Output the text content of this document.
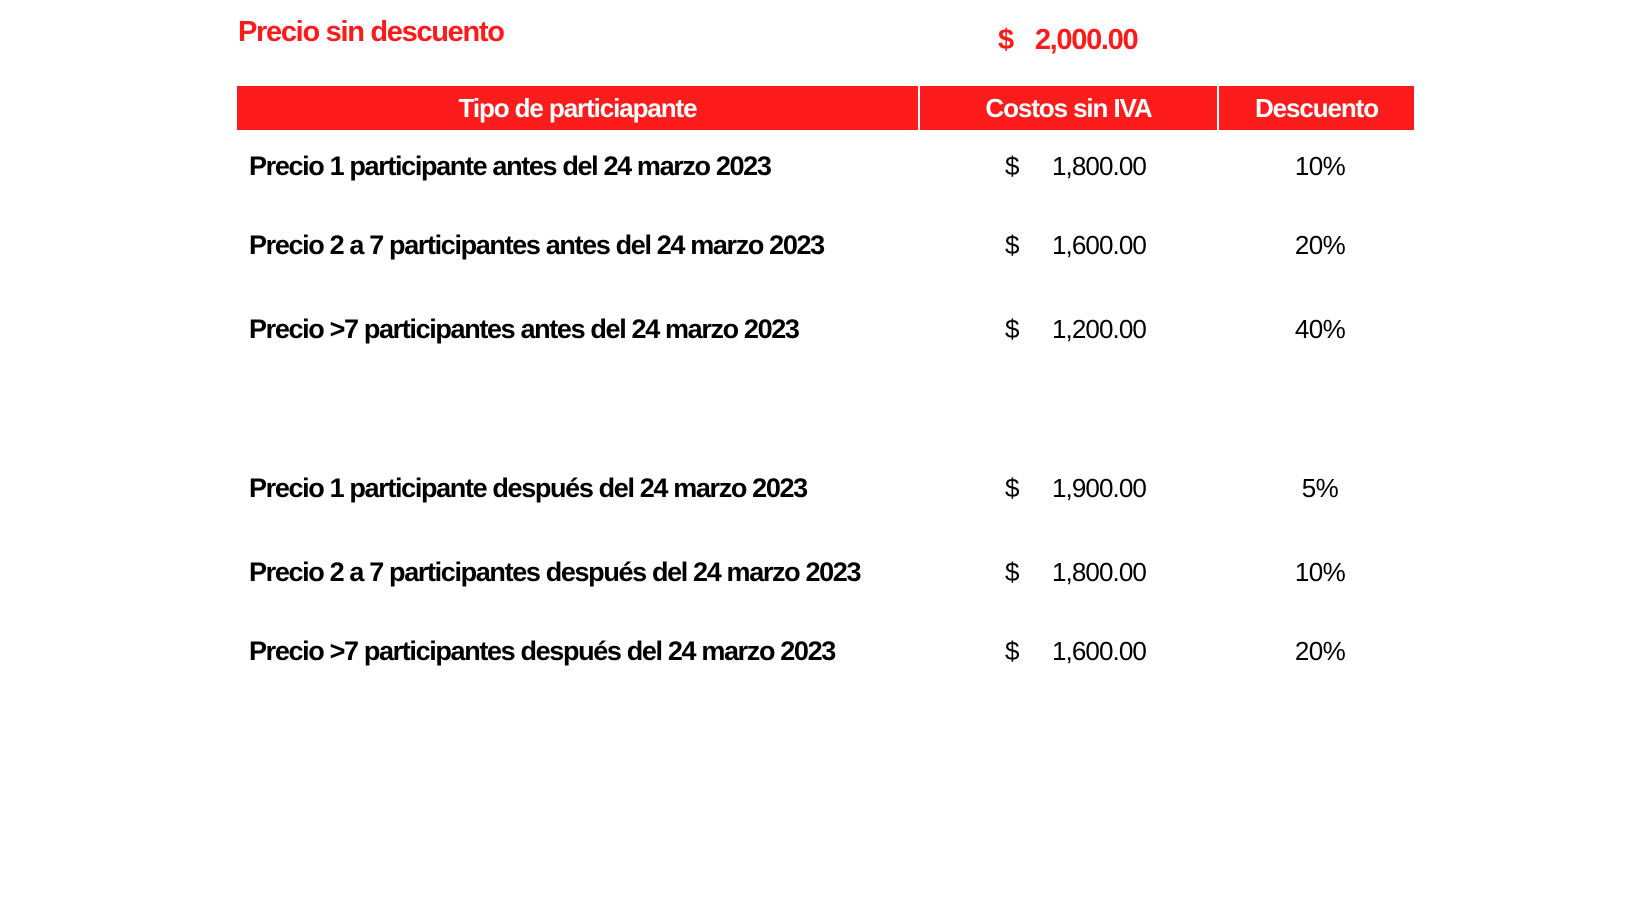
Precio sin descuento	$ 2,000.00
Tipo de particiapante	Costos sin IVA	Descuento
Precio 1 participante antes del 24 marzo 2023	$ 1,800.00	10%
Precio 2 a 7 participantes antes del 24 marzo 2023	$ 1,600.00	20%
Precio >7 participantes antes del 24 marzo 2023	$ 1,200.00	40%
Precio 1 participante después del 24 marzo 2023	$ 1,900.00	5%
Precio 2 a 7 participantes después del 24 marzo 2023	$ 1,800.00	10%
Precio >7 participantes después del 24 marzo 2023	$ 1,600.00	20%
